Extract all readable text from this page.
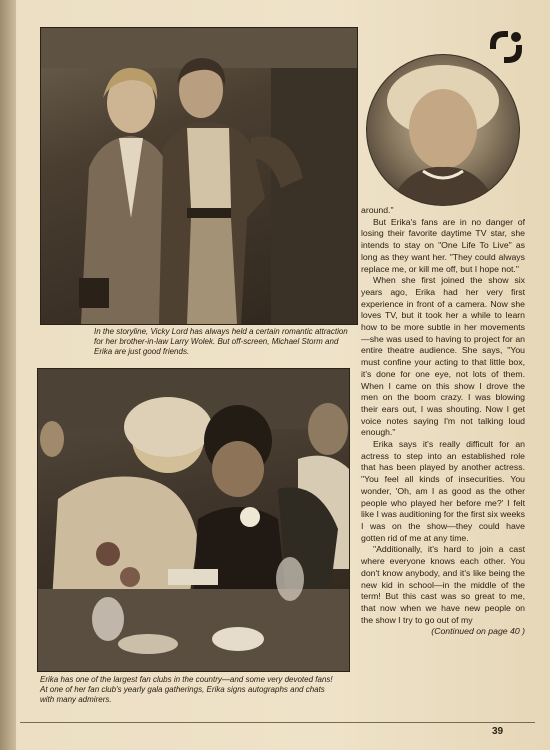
In the storyline, Vicky Lord has always held a certain romantic attraction for her brother-in-law Larry Wolek. But off-screen, Michael Storm and Erika are just good friends.
Erika has one of the largest fan clubs in the country—and some very devoted fans! At one of her fan club's yearly gala gatherings, Erika signs autographs and chats with many admirers.

around."

But Erika's fans are in no danger of losing their favorite daytime TV star, she intends to stay on "One Life To Live" as long as they want her. "They could always replace me, or kill me off, but I hope not."

When she first joined the show six years ago, Erika had her very first experience in front of a camera. Now she loves TV, but it took her a while to learn how to be more subtle in her movements—she was used to having to project for an entire theatre audience. She says, "You must confine your acting to that little box, it's done for one eye, not lots of them. When I came on this show I drove the men on the boom crazy. I was blowing their ears out, I was shouting. Now I get voice notes saying I'm not talking loud enough."

Erika says it's really difficult for an actress to step into an established role that has been played by another actress. "You feel all kinds of insecurities. You wonder, 'Oh, am I as good as the other people who played her before me?' I felt like I was auditioning for the first six weeks I was on the show—they could have gotten rid of me at any time.

"Additionally, it's hard to join a cast where everyone knows each other. You don't know anybody, and it's like being the new kid in school—in the middle of the term! But this cast was so great to me, that now when we have new people on the show I try to go out of my
(Continued on page 40 )

39
